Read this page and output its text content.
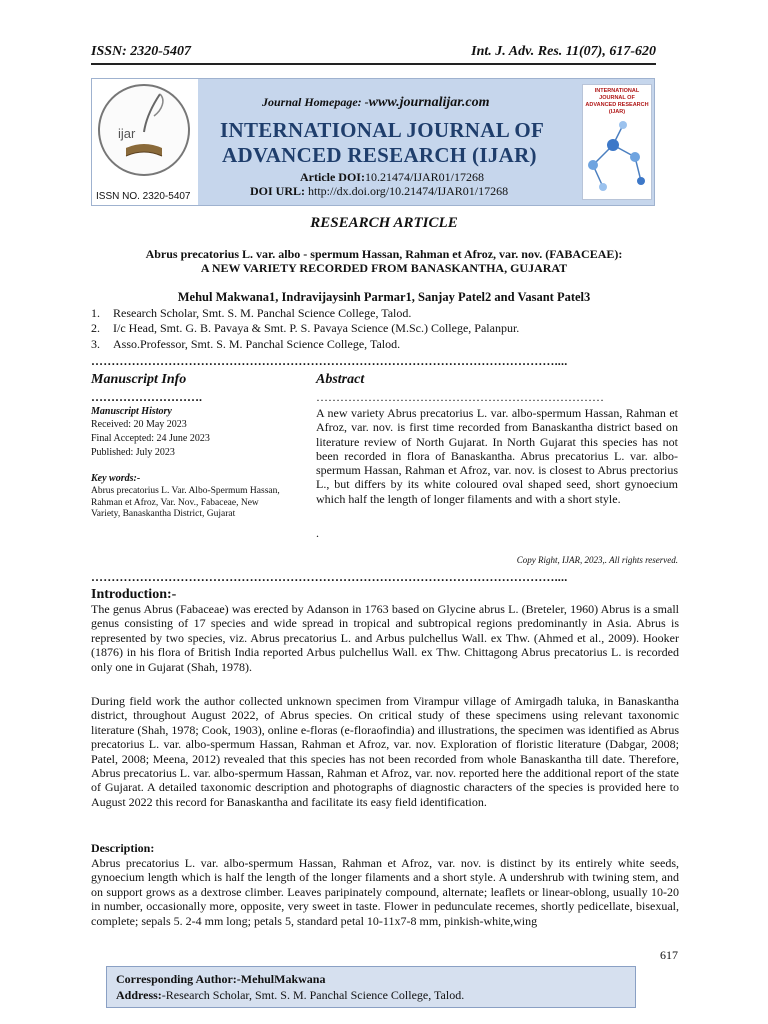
ISSN: 2320-5407	Int. J. Adv. Res. 11(07), 617-620
ijar
ISSN NO. 2320-5407
Journal Homepage: -www.journalijar.com
INTERNATIONAL JOURNAL OF
ADVANCED RESEARCH (IJAR)
Article DOI:10.21474/IJAR01/17268
DOI URL: http://dx.doi.org/10.21474/IJAR01/17268
INTERNATIONAL JOURNAL OF ADVANCED RESEARCH (IJAR)
RESEARCH ARTICLE
Abrus precatorius L. var. albo - spermum Hassan, Rahman et Afroz, var. nov. (FABACEAE):
A NEW VARIETY RECORDED FROM BANASKANTHA, GUJARAT
Mehul Makwana1, Indravijaysinh Parmar1, Sanjay Patel2 and Vasant Patel3
1. Research Scholar, Smt. S. M. Panchal Science College, Talod.
2. I/c Head, Smt. G. B. Pavaya & Smt. P. S. Pavaya Science (M.Sc.) College, Palanpur.
3. Asso.Professor, Smt. S. M. Panchal Science College, Talod.
……………………………………………………………………………………………………....
Manuscript Info	Abstract
……………………….	………………………………………………………………
Manuscript History
Received: 20 May 2023
Final Accepted: 24 June 2023
Published: July 2023
Key words:-
Abrus precatorius L. Var. Albo-Spermum Hassan, Rahman et Afroz, Var. Nov., Fabaceae, New Variety, Banaskantha District, Gujarat
A new variety Abrus precatorius L. var. albo-spermum Hassan, Rahman et Afroz, var. nov. is first time recorded from Banaskantha district based on literature review of North Gujarat. In North Gujarat this species has not been recorded in flora of Banaskantha. Abrus precatorius L. var. albo-spermum Hassan, Rahman et Afroz, var. nov. is closest to Abrus prectorius L., but differs by its white coloured oval shaped seed, short gynoecium which half the length of longer filaments and with a short style.
.
Copy Right, IJAR, 2023,. All rights reserved.
……………………………………………………………………………………………………....
Introduction:-
The genus Abrus (Fabaceae) was erected by Adanson in 1763 based on Glycine abrus L. (Breteler, 1960) Abrus is a small genus consisting of 17 species and wide spread in tropical and subtropical regions predominantly in Asia. Abrus is represented by two species, viz. Abrus precatorius L. and Arbus pulchellus Wall. ex Thw. (Ahmed et al., 2009). Hooker (1876) in his flora of British India reported Arbus pulchellus Wall. ex Thw. Chittagong Abrus precatorius L. is recorded only one in Gujarat (Shah, 1978).
During field work the author collected unknown specimen from Virampur village of Amirgadh taluka, in Banaskantha district, throughout August 2022, of Abrus species. On critical study of these specimens using relevant taxonomic literature (Shah, 1978; Cook, 1903), online e-floras (e-floraofindia) and illustrations, the specimen was identified as Abrus precatorius L. var. albo-spermum Hassan, Rahman et Afroz, var. nov. Exploration of floristic literature (Dabgar, 2008; Patel, 2008; Meena, 2012) revealed that this species has not been recorded from whole Banaskantha till date. Therefore, Abrus precatorius L. var. albo-spermum Hassan, Rahman et Afroz, var. nov. reported here the additional report of the state of Gujarat. A detailed taxonomic description and photographs of diagnostic characters of the species is provided here to August 2022 this record for Banaskantha and facilitate its easy field identification.
Description:
Abrus precatorius L. var. albo-spermum Hassan, Rahman et Afroz, var. nov. is distinct by its entirely white seeds, gynoecium length which is half the length of the longer filaments and a short style. A undershrub with twining stem, and on support grows as a dextrose climber. Leaves paripinately compound, alternate; leaflets or linear-oblong, usually 10-20 in number, occasionally more, opposite, very sweet in taste. Flower in pedunculate recemes, shortly pedicellate, bisexual, complete; sepals 5. 2-4 mm long; petals 5, standard petal 10-11x7-8 mm, pinkish-white,wing
617
Corresponding Author:-MehulMakwana
Address:-Research Scholar, Smt. S. M. Panchal Science College, Talod.
